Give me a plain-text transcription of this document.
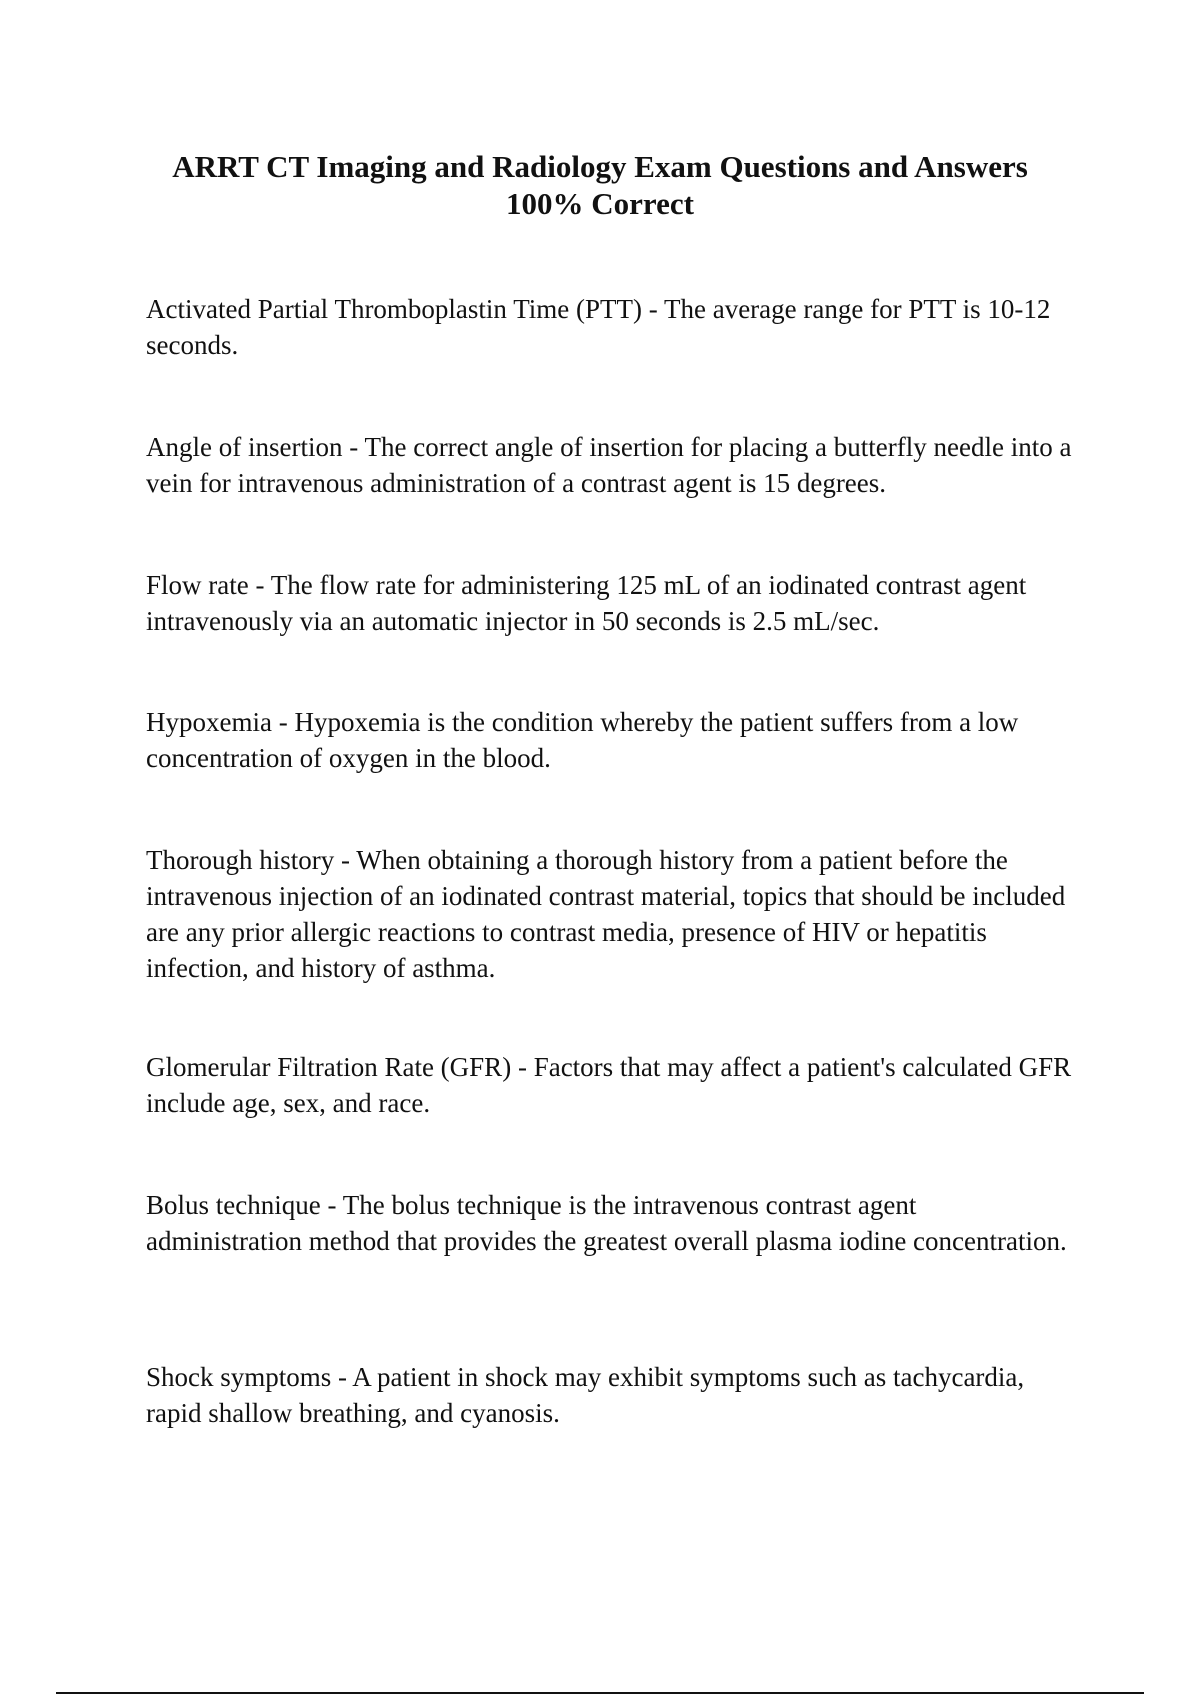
ARRT CT Imaging and Radiology Exam Questions and Answers
100% Correct

Activated Partial Thromboplastin Time (PTT) - The average range for PTT is 10-12 seconds.

Angle of insertion - The correct angle of insertion for placing a butterfly needle into a vein for intravenous administration of a contrast agent is 15 degrees.

Flow rate - The flow rate for administering 125 mL of an iodinated contrast agent intravenously via an automatic injector in 50 seconds is 2.5 mL/sec.

Hypoxemia - Hypoxemia is the condition whereby the patient suffers from a low concentration of oxygen in the blood.

Thorough history - When obtaining a thorough history from a patient before the intravenous injection of an iodinated contrast material, topics that should be included are any prior allergic reactions to contrast media, presence of HIV or hepatitis infection, and history of asthma.

Glomerular Filtration Rate (GFR) - Factors that may affect a patient's calculated GFR include age, sex, and race.

Bolus technique - The bolus technique is the intravenous contrast agent administration method that provides the greatest overall plasma iodine concentration.

Shock symptoms - A patient in shock may exhibit symptoms such as tachycardia, rapid shallow breathing, and cyanosis.
